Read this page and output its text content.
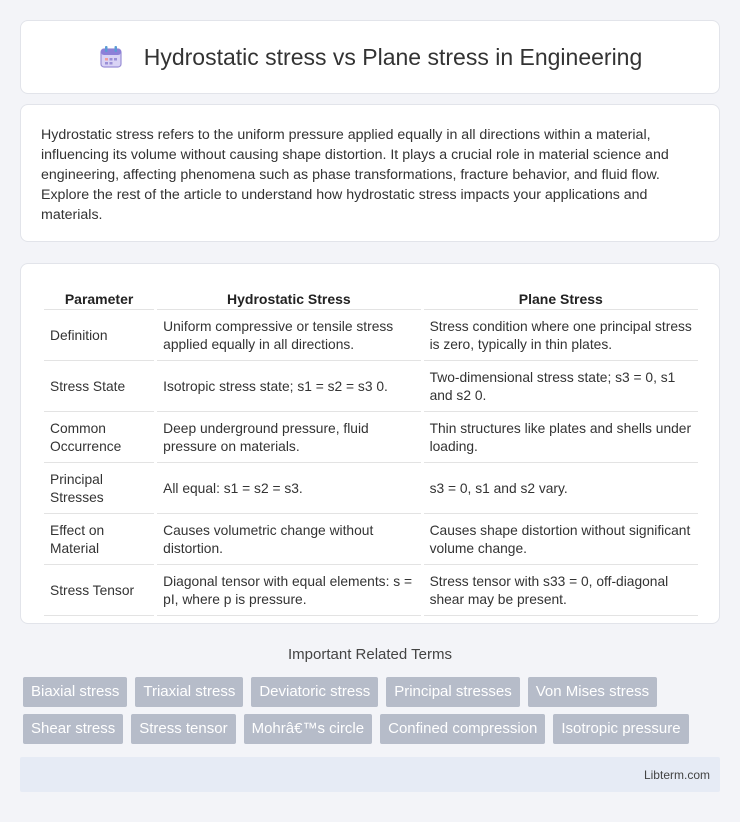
Hydrostatic stress vs Plane stress in Engineering

Hydrostatic stress refers to the uniform pressure applied equally in all directions within a material, influencing its volume without causing shape distortion. It plays a crucial role in material science and engineering, affecting phenomena such as phase transformations, fracture behavior, and fluid flow. Explore the rest of the article to understand how hydrostatic stress impacts your applications and materials.

Parameter	Hydrostatic Stress	Plane Stress
Definition	Uniform compressive or tensile stress applied equally in all directions.	Stress condition where one principal stress is zero, typically in thin plates.
Stress State	Isotropic stress state; s1 = s2 = s3 0.	Two-dimensional stress state; s3 = 0, s1 and s2 0.
Common Occurrence	Deep underground pressure, fluid pressure on materials.	Thin structures like plates and shells under loading.
Principal Stresses	All equal: s1 = s2 = s3.	s3 = 0, s1 and s2 vary.
Effect on Material	Causes volumetric change without distortion.	Causes shape distortion without significant volume change.
Stress Tensor	Diagonal tensor with equal elements: s = pI, where p is pressure.	Stress tensor with s33 = 0, off-diagonal shear may be present.
Important Related Terms
Biaxial stress	Triaxial stress	Deviatoric stress	Principal stresses	Von Mises stress
Shear stress	Stress tensor	Mohrâ€™s circle	Confined compression	Isotropic pressure
Libterm.com
